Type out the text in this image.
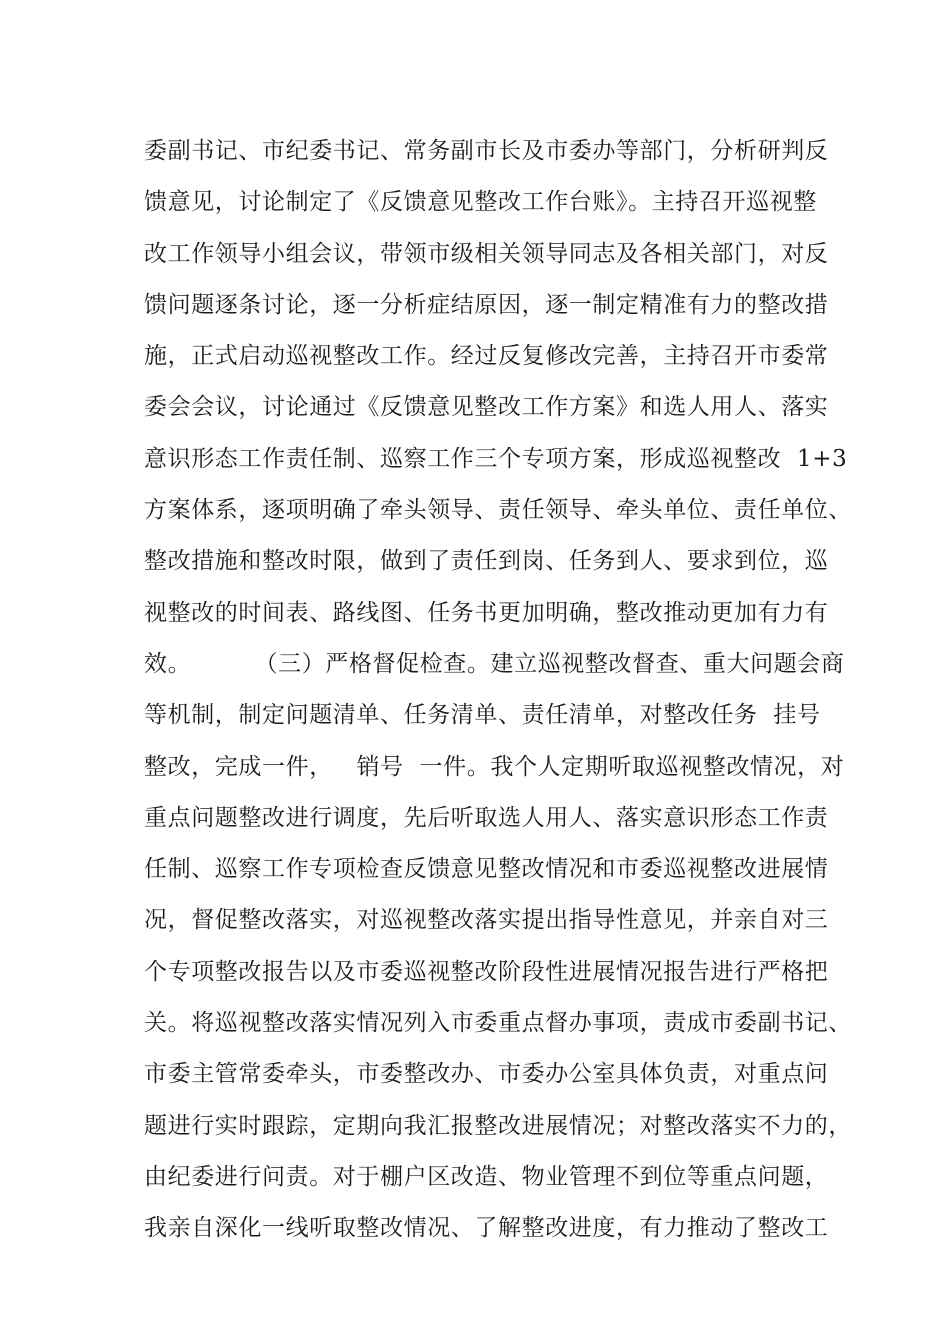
委副书记、市纪委书记、常务副市长及市委办等部门，分析研判反
馈意见，讨论制定了《反馈意见整改工作台账》。主持召开巡视整
改工作领导小组会议，带领市级相关领导同志及各相关部门，对反
馈问题逐条讨论，逐一分析症结原因，逐一制定精准有力的整改措
施，正式启动巡视整改工作。经过反复修改完善，主持召开市委常
委会会议，讨论通过《反馈意见整改工作方案》和选人用人、落实
意识形态工作责任制、巡察工作三个专项方案，形成巡视整改  1+3
方案体系，逐项明确了牵头领导、责任领导、牵头单位、责任单位、
整改措施和整改时限，做到了责任到岗、任务到人、要求到位，巡
视整改的时间表、路线图、任务书更加明确，整改推动更加有力有
效。        （三）严格督促检查。建立巡视整改督查、重大问题会商
等机制，制定问题清单、任务清单、责任清单，对整改任务  挂号
整改，完成一件，   销号  一件。我个人定期听取巡视整改情况，对
重点问题整改进行调度，先后听取选人用人、落实意识形态工作责
任制、巡察工作专项检查反馈意见整改情况和市委巡视整改进展情
况，督促整改落实，对巡视整改落实提出指导性意见，并亲自对三
个专项整改报告以及市委巡视整改阶段性进展情况报告进行严格把
关。将巡视整改落实情况列入市委重点督办事项，责成市委副书记、
市委主管常委牵头，市委整改办、市委办公室具体负责，对重点问
题进行实时跟踪，定期向我汇报整改进展情况；对整改落实不力的，
由纪委进行问责。对于棚户区改造、物业管理不到位等重点问题，
我亲自深化一线听取整改情况、了解整改进度，有力推动了整改工
